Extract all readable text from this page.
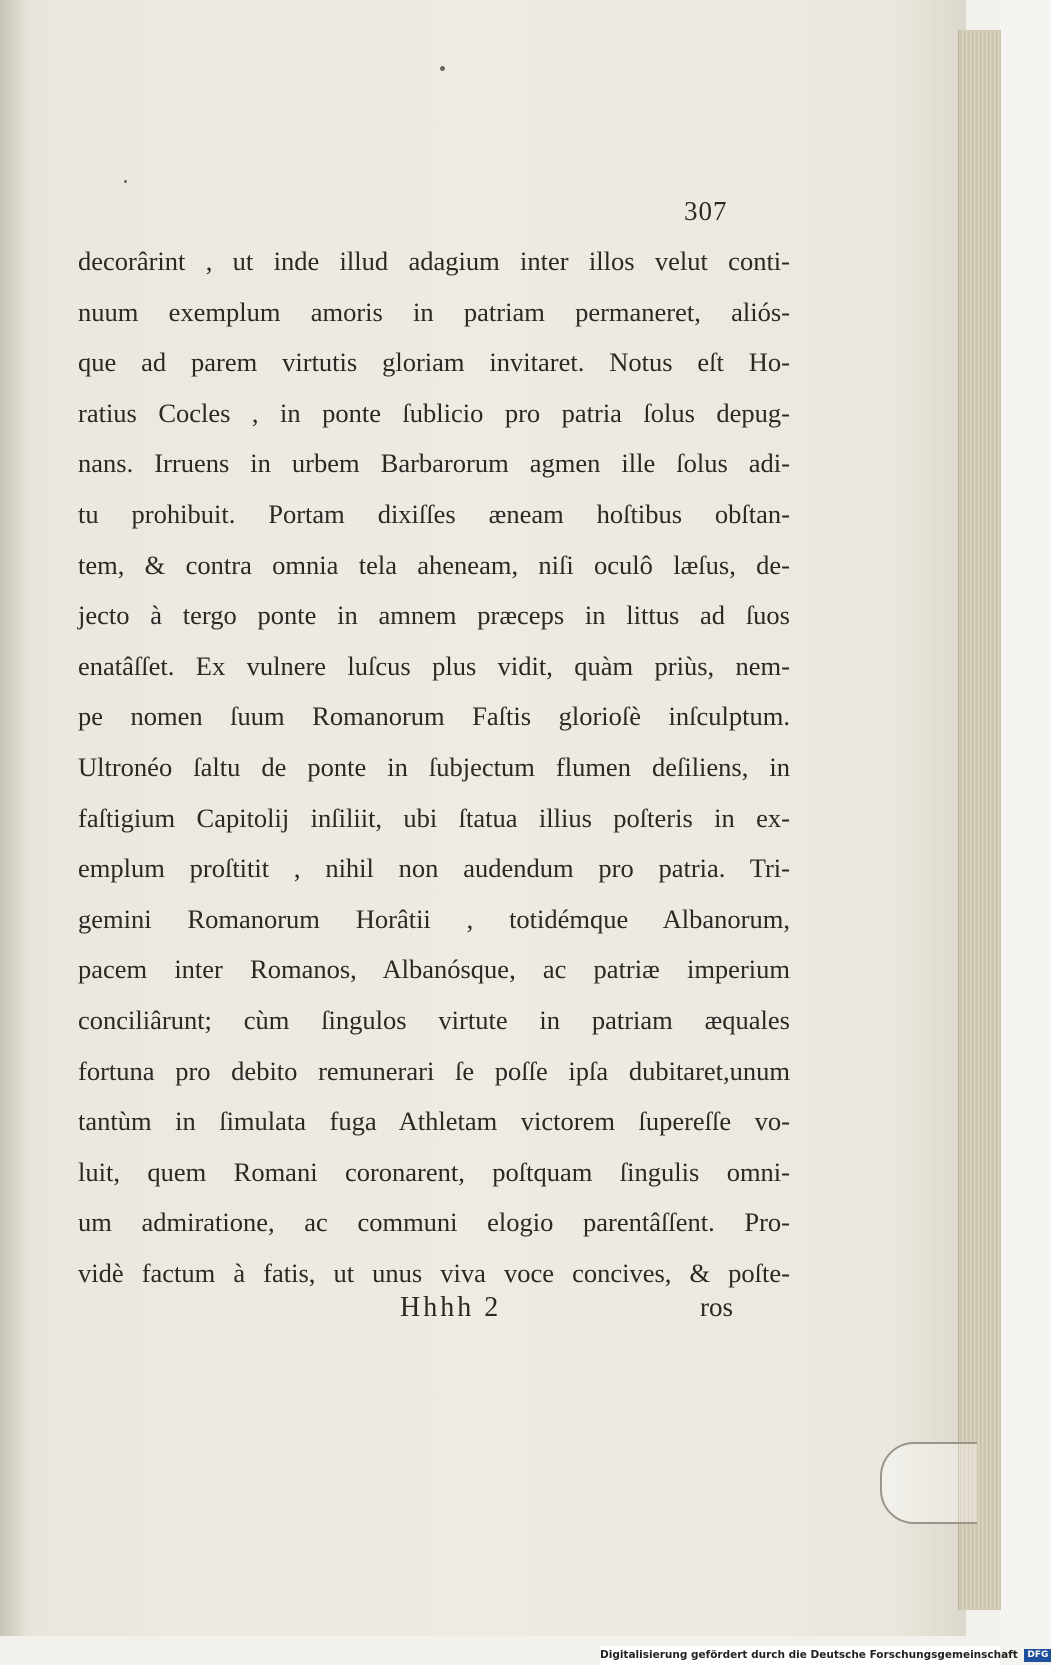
307
decorârint , ut inde illud adagium inter illos velut conti-
nuum exemplum amoris in patriam permaneret, aliós-
que ad parem virtutis gloriam invitaret. Notus eſt Ho-
ratius Cocles , in ponte ſublicio pro patria ſolus depug-
nans. Irruens in urbem Barbarorum agmen ille ſolus adi-
tu prohibuit. Portam dixiſſes æneam hoſtibus obſtan-
tem, & contra omnia tela aheneam, niſi oculô læſus, de-
jecto à tergo ponte in amnem præceps in littus ad ſuos
enatâſſet. Ex vulnere luſcus plus vidit, quàm priùs, nem-
pe nomen ſuum Romanorum Faſtis glorioſè inſculptum.
Ultronéo ſaltu de ponte in ſubjectum flumen deſiliens, in
faſtigium Capitolij inſiliit, ubi ſtatua illius poſteris in ex-
emplum proſtitit , nihil non audendum pro patria. Tri-
gemini Romanorum Horâtii , totidémque Albanorum,
pacem inter Romanos, Albanósque, ac patriæ imperium
conciliârunt; cùm ſingulos virtute in patriam æquales
fortuna pro debito remunerari ſe poſſe ipſa dubitaret,unum
tantùm in ſimulata fuga Athletam victorem ſupereſſe vo-
luit, quem Romani coronarent, poſtquam ſingulis omni-
um admiratione, ac communi elogio parentâſſent. Pro-
vidè factum à fatis, ut unus viva voce concives, & poſte-
Hhhh 2	ros
Digitalisierung gefördert durch die Deutsche Forschungsgemeinschaft DFG
